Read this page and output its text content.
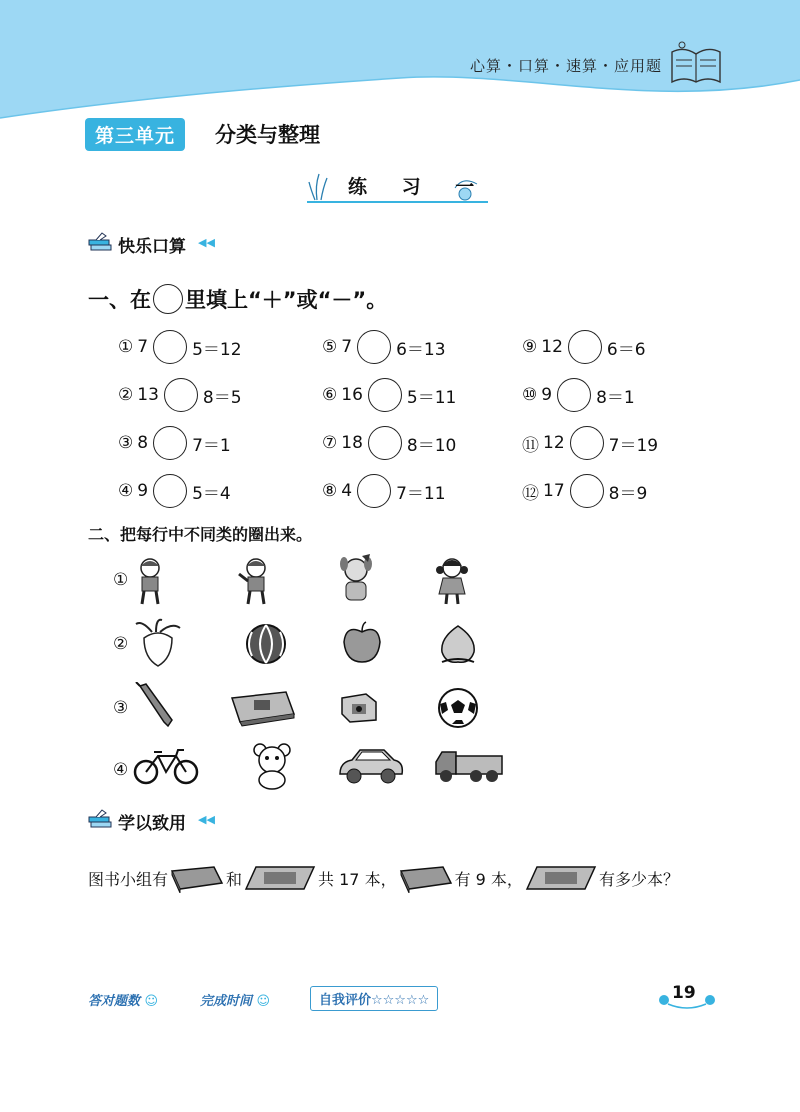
心算・口算・速算・应用题
第三单元	分类与整理
练 习 一
快乐口算 ◀◀
一、在 里填上“＋”或“－”。
① 7	5＝12
② 13	8＝5
③ 8	7＝1
④ 9	5＝4
⑤ 7	6＝13
⑥ 16	5＝11
⑦ 18	8＝10
⑧ 4	7＝11
⑨ 12	6＝6
⑩ 9	8＝1
⑪ 12	7＝19
⑫ 17	8＝9
二、把每行中不同类的圈出来。
①
②
③
④
学以致用 ◀◀
图书小组有	和	共 17 本，	有 9 本，	有多少本？
答对题数 ☺	完成时间 ☺	自我评价☆☆☆☆☆	19
